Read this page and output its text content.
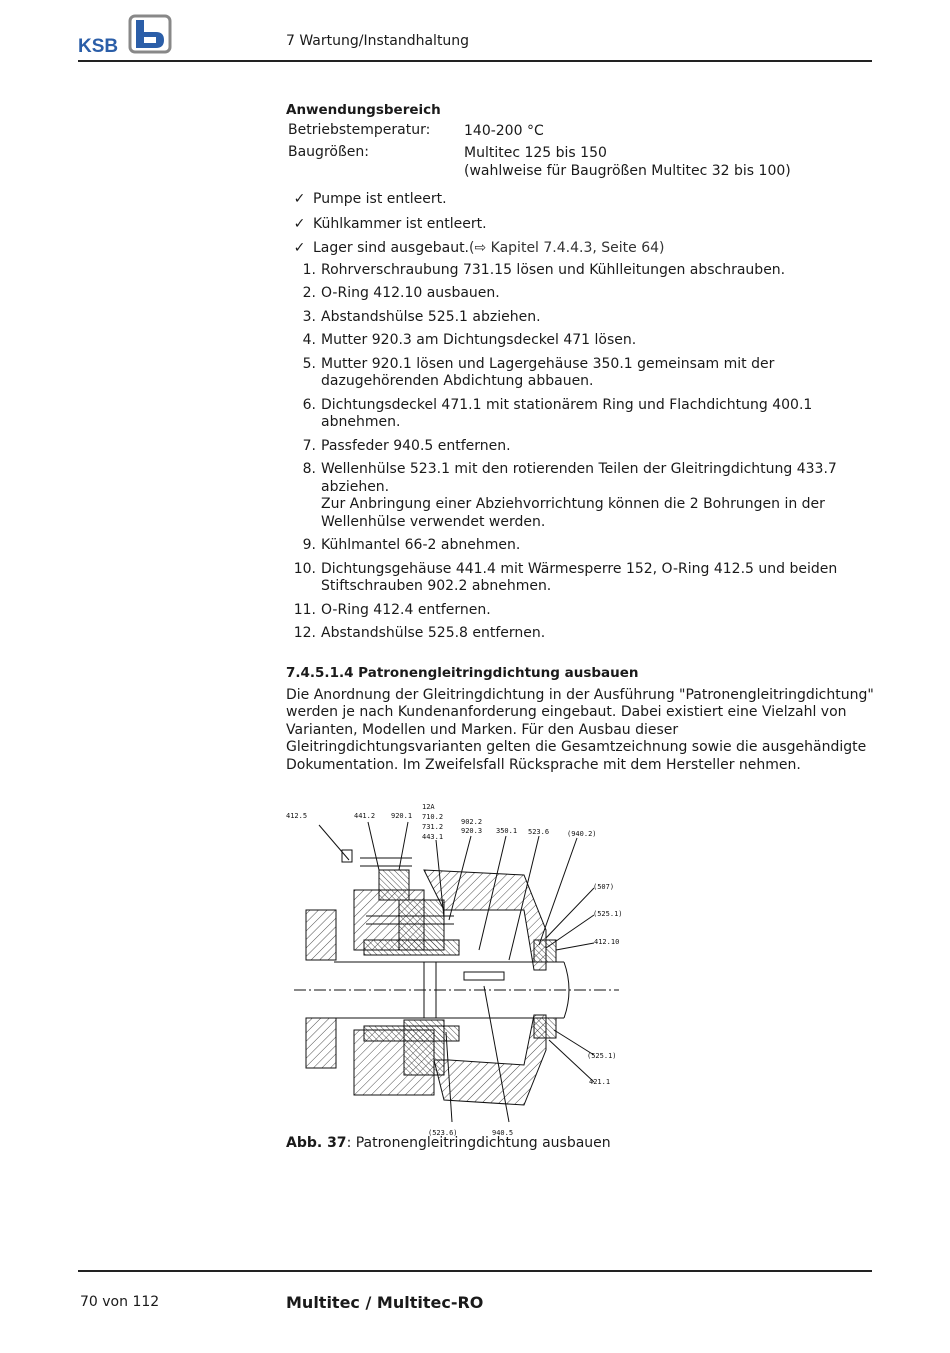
KSB	7 Wartung/Instandhaltung
Anwendungsbereich
Betriebstemperatur:	140-200 °C
Baugrößen:	Multitec 125 bis 150
(wahlweise für Baugrößen Multitec 32 bis 100)
✓ Pumpe ist entleert.
✓ Kühlkammer ist entleert.
✓ Lager sind ausgebaut. (⇨ Kapitel 7.4.4.3, Seite 64)
1. Rohrverschraubung 731.15 lösen und Kühlleitungen abschrauben.
2. O-Ring 412.10 ausbauen.
3. Abstandshülse 525.1 abziehen.
4. Mutter 920.3 am Dichtungsdeckel 471 lösen.
5. Mutter 920.1 lösen und Lagergehäuse 350.1 gemeinsam mit der dazugehörenden Abdichtung abbauen.
6. Dichtungsdeckel 471.1 mit stationärem Ring und Flachdichtung 400.1 abnehmen.
7. Passfeder 940.5 entfernen.
8. Wellenhülse 523.1 mit den rotierenden Teilen der Gleitringdichtung 433.7 abziehen.
Zur Anbringung einer Abziehvorrichtung können die 2 Bohrungen in der Wellenhülse verwendet werden.
9. Kühlmantel 66-2 abnehmen.
10. Dichtungsgehäuse 441.4 mit Wärmesperre 152, O-Ring 412.5 und beiden Stiftschrauben 902.2 abnehmen.
11. O-Ring 412.4 entfernen.
12. Abstandshülse 525.8 entfernen.
7.4.5.1.4 Patronengleitringdichtung ausbauen
Die Anordnung der Gleitringdichtung in der Ausführung "Patronengleitringdichtung" werden je nach Kundenanforderung eingebaut. Dabei existiert eine Vielzahl von Varianten, Modellen und Marken. Für den Ausbau dieser Gleitringdichtungsvarianten gelten die Gesamtzeichnung sowie die ausgehändigte Dokumentation. Im Zweifelsfall Rücksprache mit dem Hersteller nehmen.
412.5	441.2 920.1
12A
710.2
731.2
443.1
902.2
920.3 350.1 523.6	(940.2)
(507)
(525.1)
412.10
(525.1)
421.1
(523.6)	940.5
Abb. 37: Patronengleitringdichtung ausbauen
70 von 112	Multitec / Multitec-RO
